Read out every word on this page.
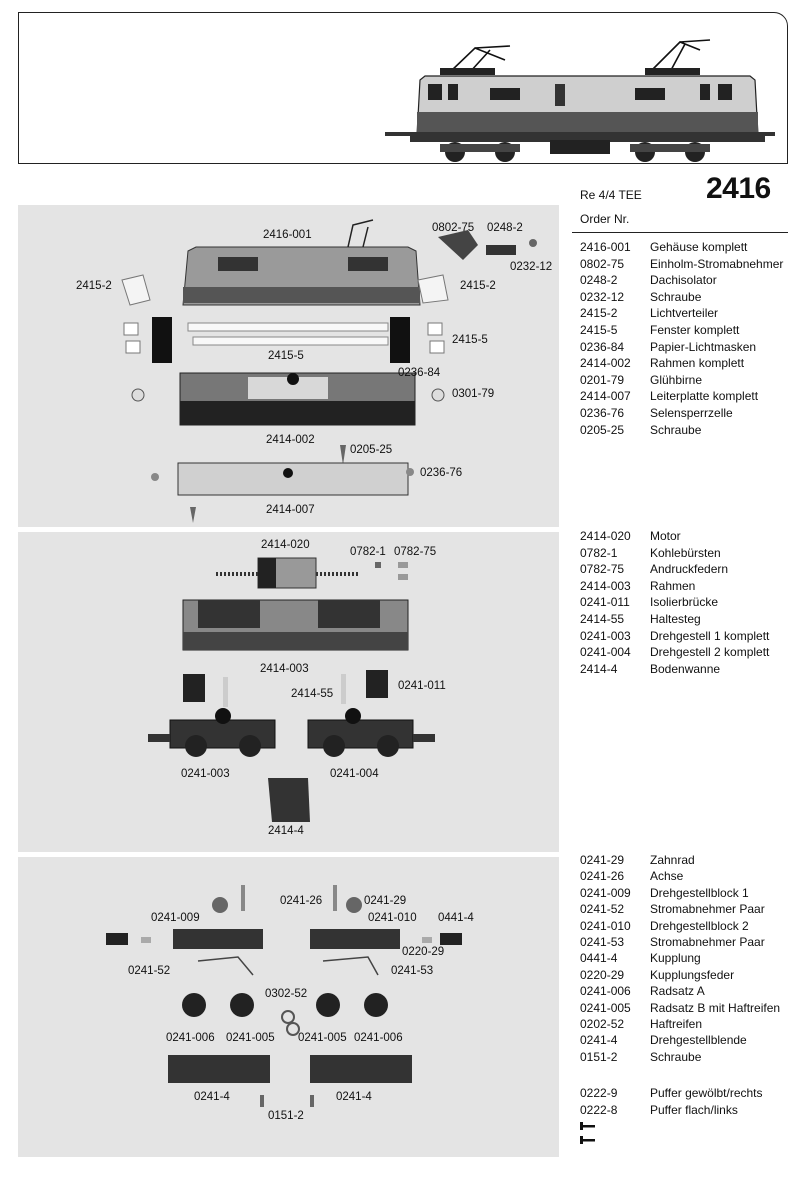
Re 4/4 TEE 2416
Order Nr.
2416-001
0802-75 0248-2
2415-2
0232-12
2415-2
2415-5
2415-5
0236-84
0301-79
2414-002
0205-25
0236-76
2414-007
2414-020
0782-1 0782-75
2414-003
0241-011
2414-55
0241-003	0241-004
2414-4
0241-26	0241-29
0241-009	0241-010 0441-4
0220-29
0241-52	0241-53
0302-52
0241-006 0241-005 0241-005 0241-006
0241-4	0241-4
0151-2
2416-001	Gehäuse komplett
0802-75	Einholm-Stromabnehmer
0248-2	Dachisolator
0232-12	Schraube
2415-2	Lichtverteiler
2415-5	Fenster komplett
0236-84	Papier-Lichtmasken
2414-002	Rahmen komplett
0201-79	Glühbirne
2414-007	Leiterplatte komplett
0236-76	Selensperrzelle
0205-25	Schraube
2414-020	Motor
0782-1	Kohlebürsten
0782-75	Andruckfedern
2414-003	Rahmen
0241-011	Isolierbrücke
2414-55	Haltesteg
0241-003	Drehgestell 1 komplett
0241-004	Drehgestell 2 komplett
2414-4	Bodenwanne
0241-29	Zahnrad
0241-26	Achse
0241-009	Drehgestellblock 1
0241-52	Stromabnehmer Paar
0241-010	Drehgestellblock 2
0241-53	Stromabnehmer Paar
0441-4	Kupplung
0220-29	Kupplungsfeder
0241-006	Radsatz A
0241-005	Radsatz B mit Haftreifen
0202-52	Haftreifen
0241-4	Drehgestellblende
0151-2	Schraube
0222-9	Puffer gewölbt/rechts
0222-8	Puffer flach/links
